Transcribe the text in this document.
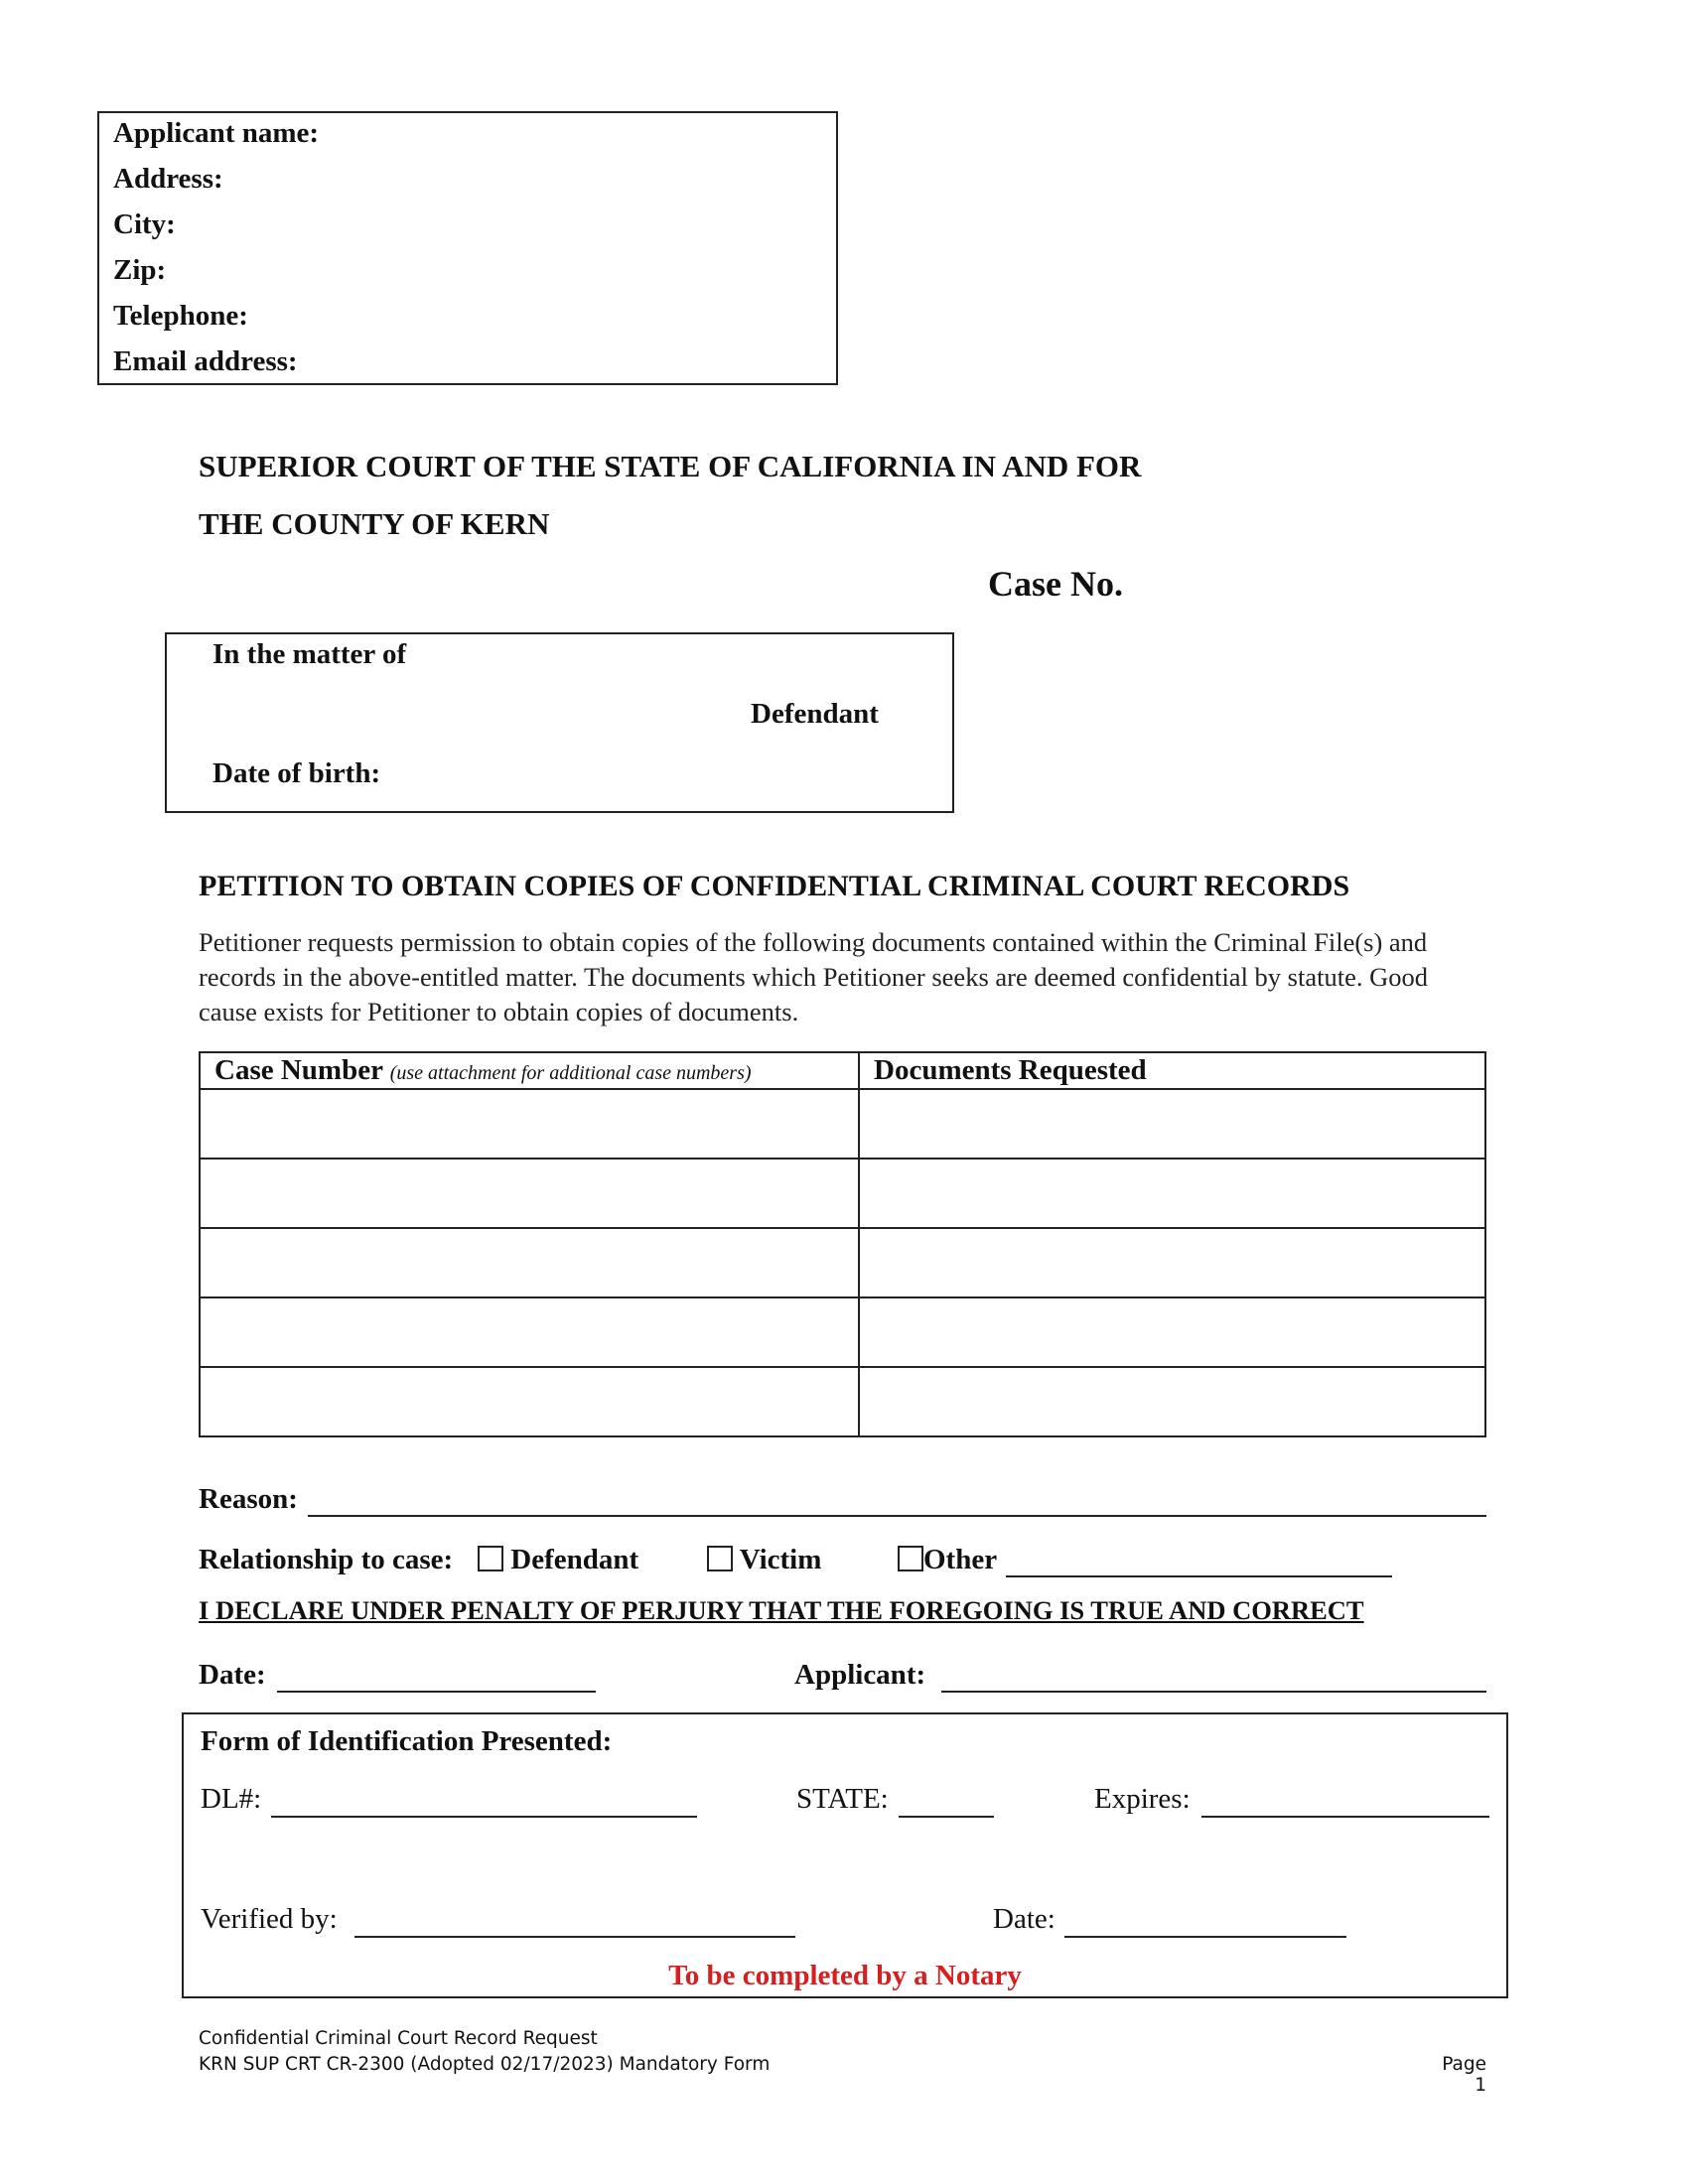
Applicant name:
Address:
City:
Zip:
Telephone:
Email address:
SUPERIOR COURT OF THE STATE OF CALIFORNIA IN AND FOR
THE COUNTY OF KERN
Case No.
In the matter of
Defendant
Date of birth:
PETITION TO OBTAIN COPIES OF CONFIDENTIAL CRIMINAL COURT RECORDS
Petitioner requests permission to obtain copies of the following documents contained within the Criminal File(s) and records in the above-entitled matter. The documents which Petitioner seeks are deemed confidential by statute. Good cause exists for Petitioner to obtain copies of documents.
Case Number (use attachment for additional case numbers)	Documents Requested

Reason:
Relationship to case:	Defendant	Victim	Other
I DECLARE UNDER PENALTY OF PERJURY THAT THE FOREGOING IS TRUE AND CORRECT
Date:	Applicant:
Form of Identification Presented:
DL#:	STATE:	Expires:
Verified by:	Date:
To be completed by a Notary
Confidential Criminal Court Record Request
KRN SUP CRT CR-2300 (Adopted 02/17/2023) Mandatory Form	Page 1
